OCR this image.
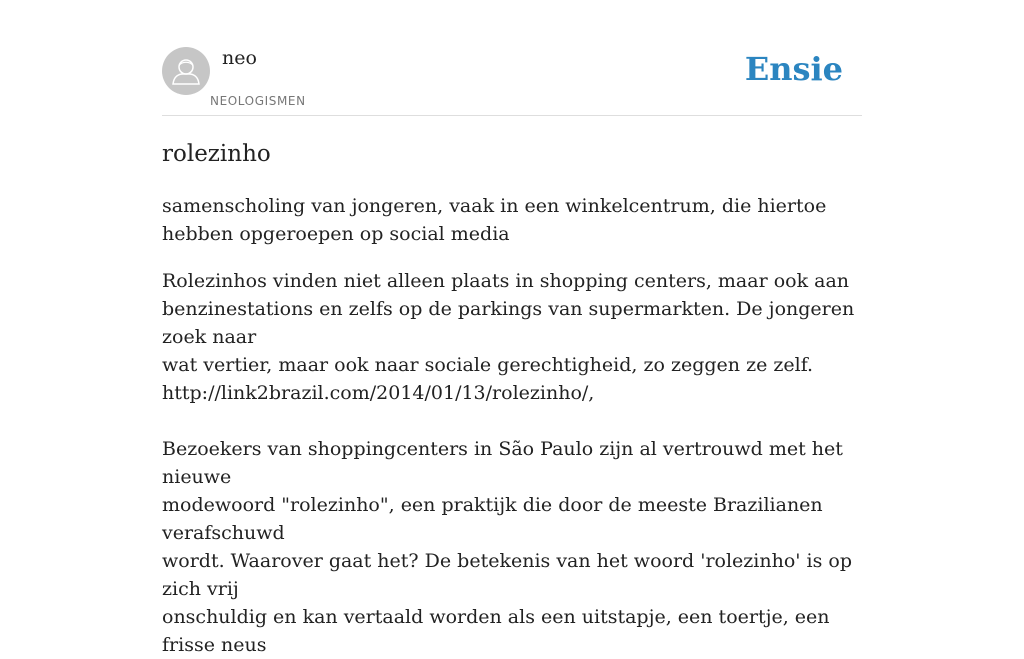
neo
NEOLOGISMEN
Ensie
rolezinho

samenscholing van jongeren, vaak in een winkelcentrum, die hiertoe hebben opgeroepen op social media

Rolezinhos vinden niet alleen plaats in shopping centers, maar ook aan

benzinestations en zelfs op de parkings van supermarkten. De jongeren zoek naar

wat vertier, maar ook naar sociale gerechtigheid, zo zeggen ze zelf.

http://link2brazil.com/2014/01/13/rolezinho/,

Bezoekers van shoppingcenters in São Paulo zijn al vertrouwd met het nieuwe

modewoord "rolezinho", een praktijk die door de meeste Brazilianen verafschuwd

wordt. Waarover gaat het? De betekenis van het woord 'rolezinho' is op zich vrij

onschuldig en kan vertaald worden als een uitstapje, een toertje, een frisse neus
